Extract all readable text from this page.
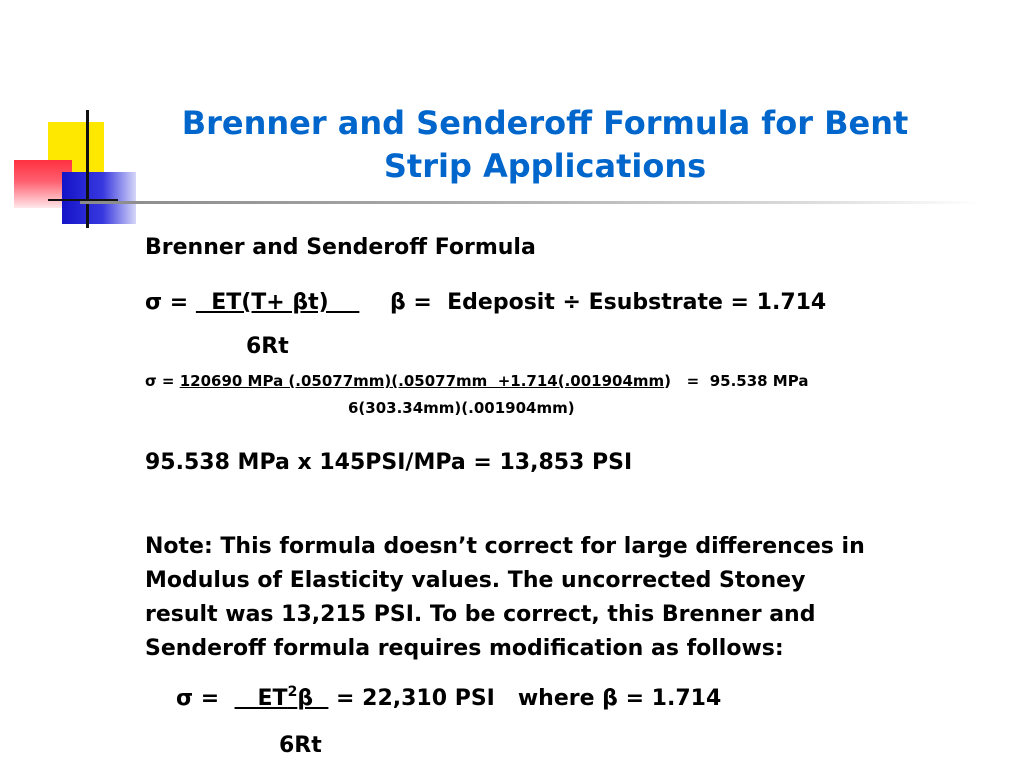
Brenner and Senderoff Formula for Bent
Strip Applications
Brenner and Senderoff Formula
σ =   ET(T+ βt)        β =  Edeposit ÷ Esubstrate = 1.714
6Rt
σ = 120690 MPa (.05077mm)(.05077mm  +1.714(.001904mm)   =  95.538 MPa
6(303.34mm)(.001904mm)
95.538 MPa x 145PSI/MPa = 13,853 PSI
Note: This formula doesn’t correct for large differences in
Modulus of Elasticity values. The uncorrected Stoney
result was 13,215 PSI. To be correct, this Brenner and
Senderoff formula requires modification as follows:
σ =     $ET^2\beta = 22,310$ PSI   where β = 1.714
6Rt
